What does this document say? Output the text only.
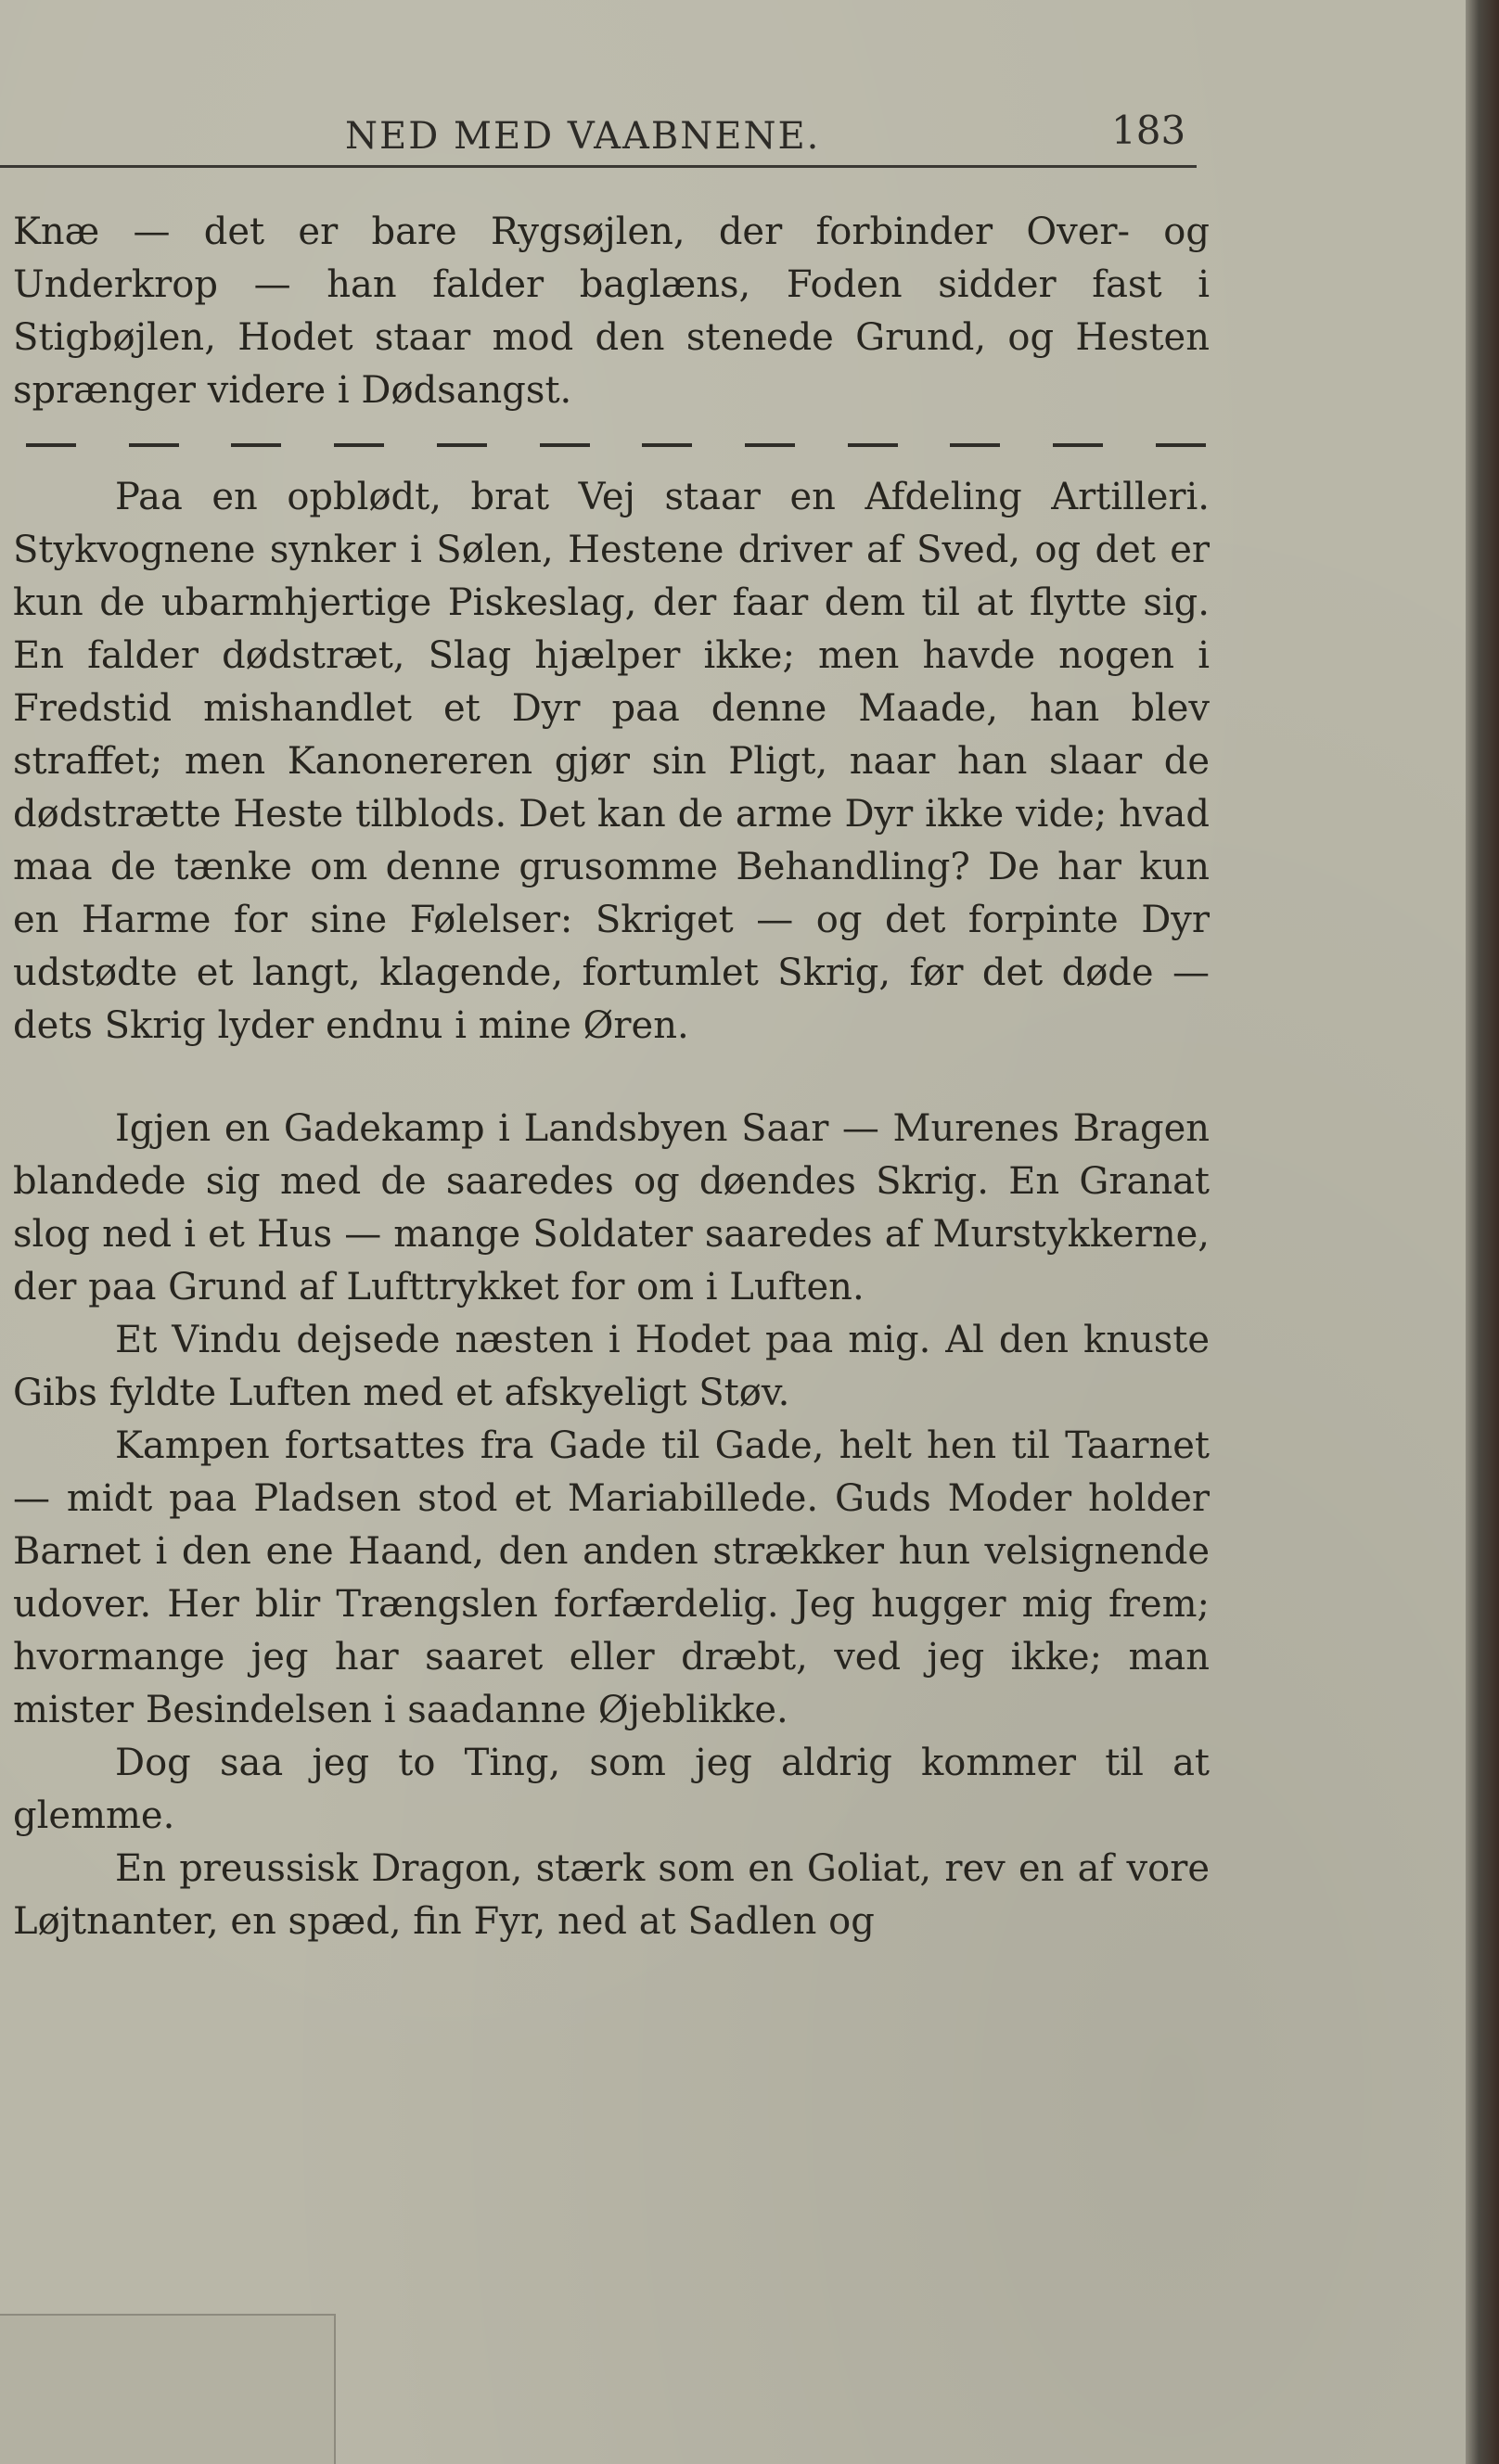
NED MED VAABNENE.	183

Knæ — det er bare Rygsøjlen, der forbinder Over- og Underkrop — han falder baglæns, Foden sidder fast i Stigbøjlen, Hodet staar mod den stenede Grund, og Hesten sprænger videre i Dødsangst.

Paa en opblødt, brat Vej staar en Afdeling Artilleri. Stykvognene synker i Sølen, Hestene driver af Sved, og det er kun de ubarmhjertige Piskeslag, der faar dem til at flytte sig. En falder dødstræt, Slag hjælper ikke; men havde nogen i Fredstid mishandlet et Dyr paa denne Maade, han blev straffet; men Kanonereren gjør sin Pligt, naar han slaar de dødstrætte Heste tilblods. Det kan de arme Dyr ikke vide; hvad maa de tænke om denne grusomme Behandling? De har kun en Harme for sine Følelser: Skriget — og det forpinte Dyr udstødte et langt, klagende, fortumlet Skrig, før det døde — dets Skrig lyder endnu i mine Øren.

Igjen en Gadekamp i Landsbyen Saar — Murenes Bragen blandede sig med de saaredes og døendes Skrig. En Granat slog ned i et Hus — mange Soldater saaredes af Murstykkerne, der paa Grund af Lufttrykket for om i Luften.

Et Vindu dejsede næsten i Hodet paa mig. Al den knuste Gibs fyldte Luften med et afskyeligt Støv.

Kampen fortsattes fra Gade til Gade, helt hen til Taarnet — midt paa Pladsen stod et Mariabillede. Guds Moder holder Barnet i den ene Haand, den anden strækker hun velsignende udover. Her blir Trængslen forfærdelig. Jeg hugger mig frem; hvormange jeg har saaret eller dræbt, ved jeg ikke; man mister Besindelsen i saadanne Øjeblikke.

Dog saa jeg to Ting, som jeg aldrig kommer til at glemme.

En preussisk Dragon, stærk som en Goliat, rev en af vore Løjtnanter, en spæd, fin Fyr, ned at Sadlen og
